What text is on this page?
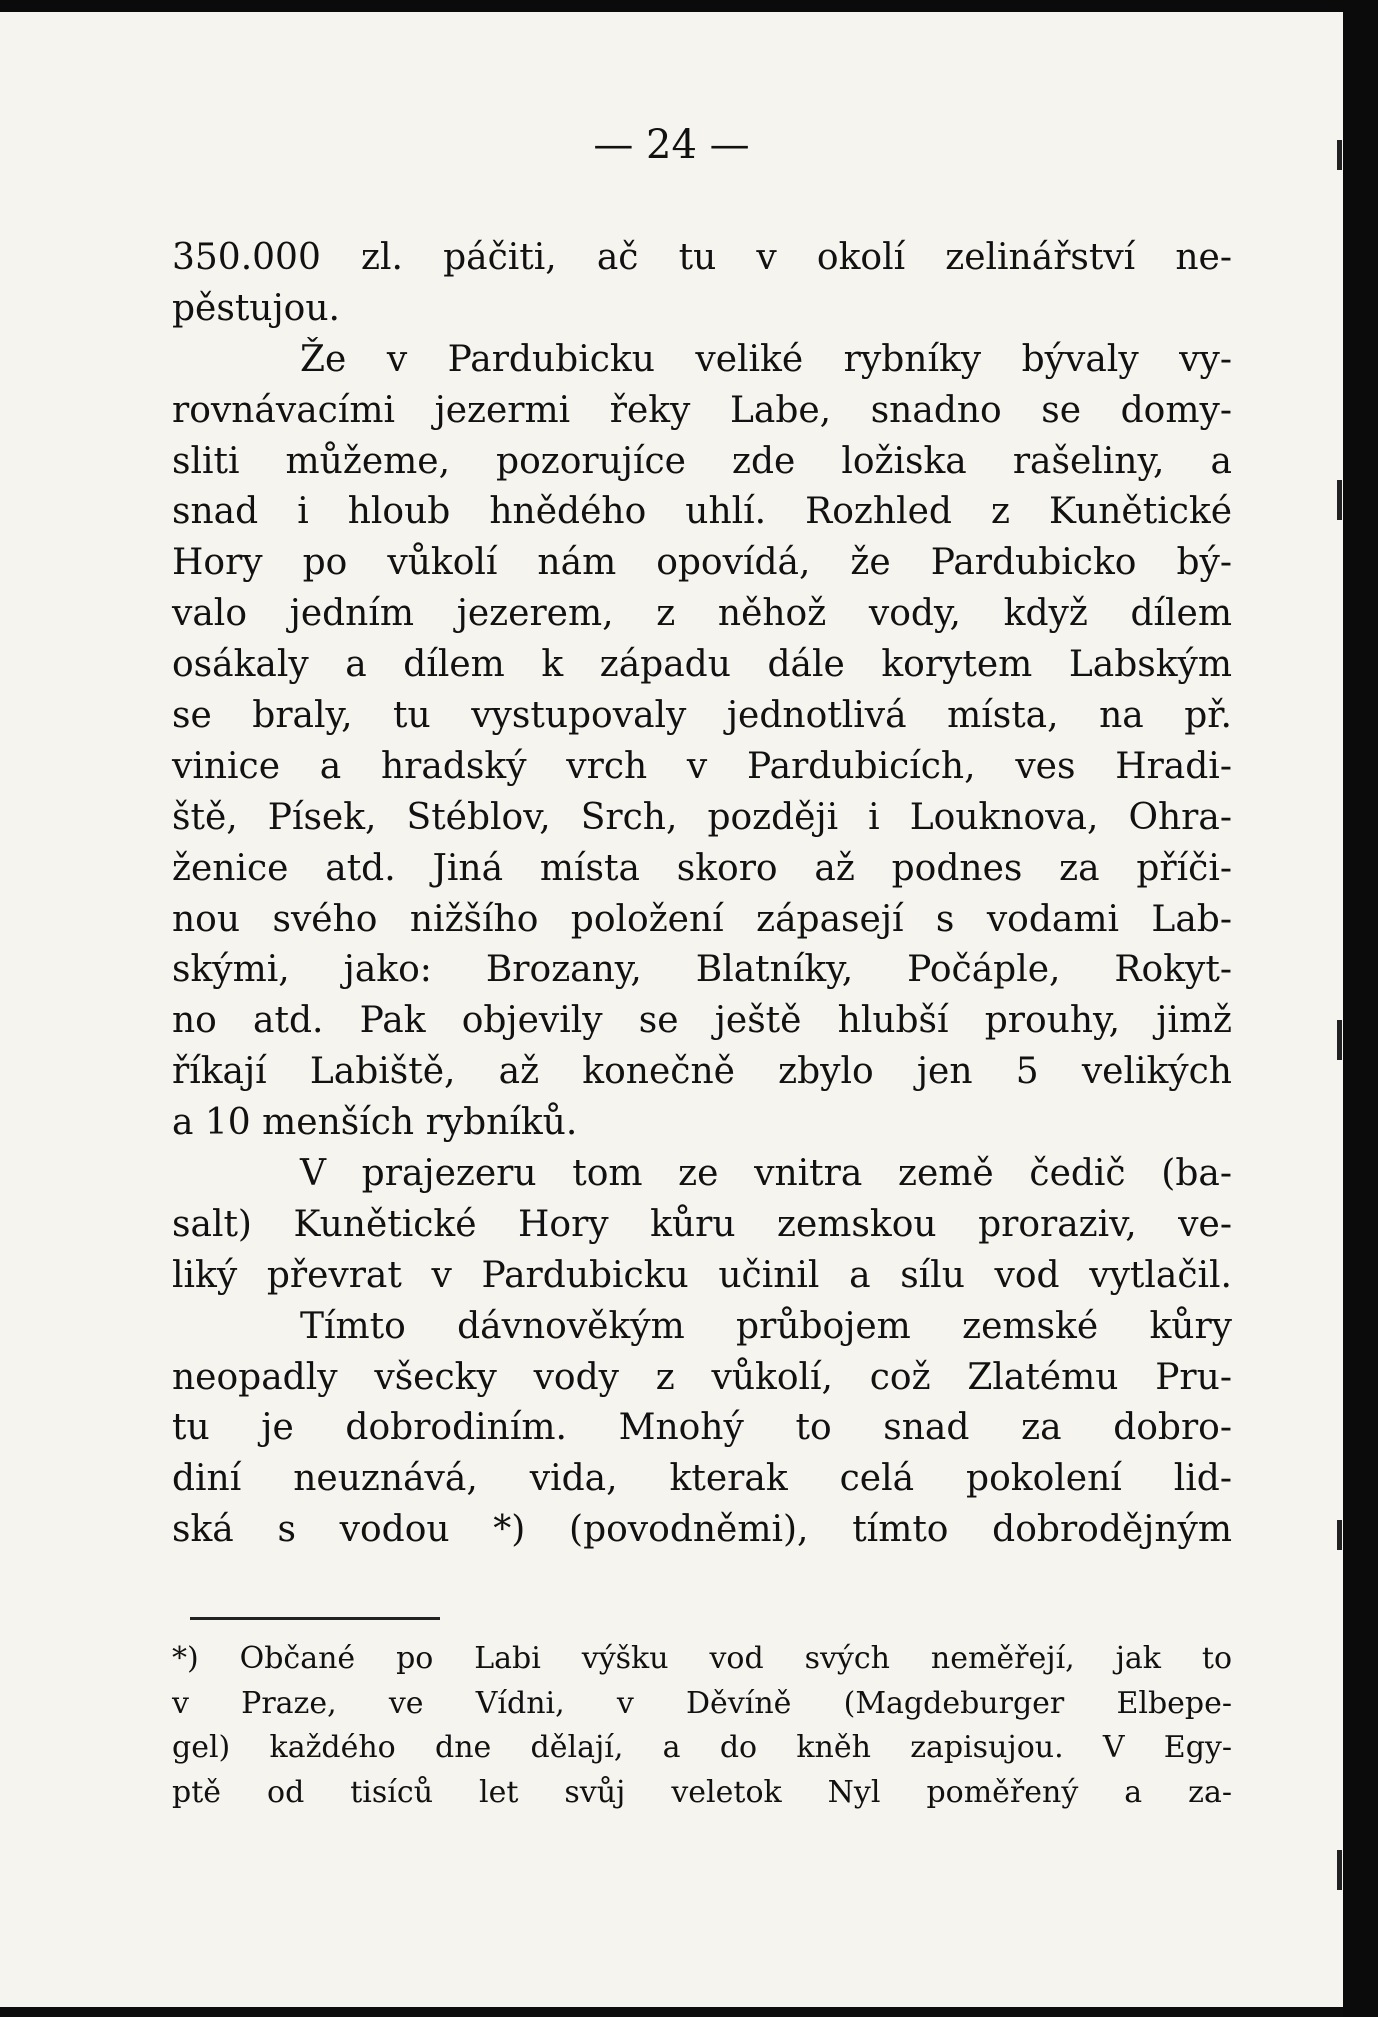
— 24 —
350.000 zl. páčiti, ač tu v okolí zelinářství ne-
pěstujou.
Že v Pardubicku veliké rybníky bývaly vy-
rovnávacími jezermi řeky Labe, snadno se domy-
sliti můžeme, pozorujíce zde ložiska rašeliny, a
snad i hloub hnědého uhlí. Rozhled z Kunětické
Hory po vůkolí nám opovídá, že Pardubicko bý-
valo jedním jezerem, z něhož vody, když dílem
osákaly a dílem k západu dále korytem Labským
se braly, tu vystupovaly jednotlivá místa, na př.
vinice a hradský vrch v Pardubicích, ves Hradi-
ště, Písek, Stéblov, Srch, později i Louknova, Ohra-
ženice atd. Jiná místa skoro až podnes za příči-
nou svého nižšího položení zápasejí s vodami Lab-
skými, jako: Brozany, Blatníky, Počáple, Rokyt-
no atd. Pak objevily se ještě hlubší prouhy, jimž
říkají Labiště, až konečně zbylo jen 5 velikých
a 10 menších rybníků.
V prajezeru tom ze vnitra země čedič (ba-
salt) Kunětické Hory kůru zemskou proraziv, ve-
liký převrat v Pardubicku učinil a sílu vod vytlačil.
Tímto dávnověkým průbojem zemské kůry
neopadly všecky vody z vůkolí, což Zlatému Pru-
tu je dobrodiním. Mnohý to snad za dobro-
diní neuznává, vida, kterak celá pokolení lid-
ská s vodou *) (povodněmi), tímto dobrodějným
*) Občané po Labi výšku vod svých neměřejí, jak to
v Praze, ve Vídni, v Děvíně (Magdeburger Elbepe-
gel) každého dne dělají, a do kněh zapisujou. V Egy-
ptě od tisíců let svůj veletok Nyl poměřený a za-
